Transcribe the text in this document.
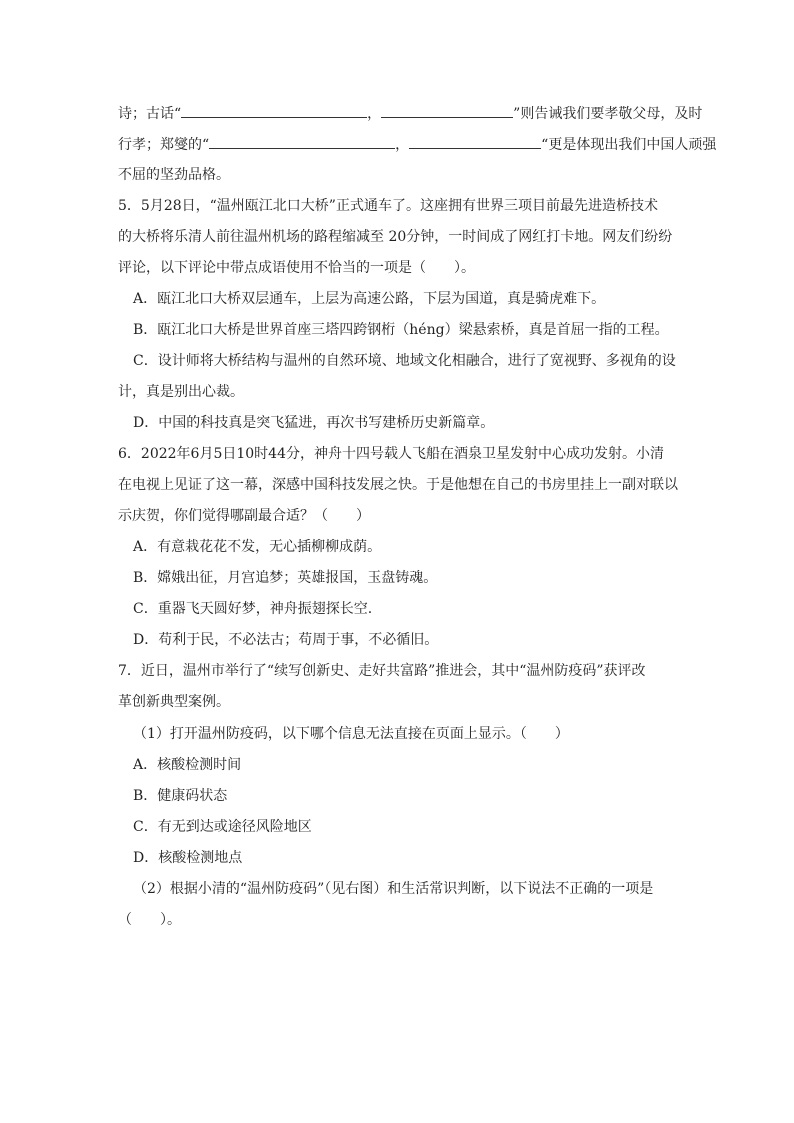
诗；古话“	，	”则告诫我们要孝敬父母，及时
行孝；郑燮的“	，	“更是体现出我们中国人顽强
不屈的坚劲品格。
5．5月28日，“温州瓯江北口大桥”正式通车了。这座拥有世界三项目前最先进造桥技术
的大桥将乐清人前往温州机场的路程缩减至 20分钟，一时间成了网红打卡地。网友们纷纷
评论，以下评论中带点成语使用不恰当的一项是（　　）。
A．瓯江北口大桥双层通车，上层为高速公路，下层为国道，真是骑虎难下。
B．瓯江北口大桥是世界首座三塔四跨钢桁（héng）梁悬索桥，真是首屈一指的工程。
C．设计师将大桥结构与温州的自然环境、地域文化相融合，进行了宽视野、多视角的设
计，真是别出心裁。
D．中国的科技真是突飞猛进，再次书写建桥历史新篇章。
6．2022年6月5日10时44分，神舟十四号载人飞船在酒泉卫星发射中心成功发射。小清
在电视上见证了这一幕，深感中国科技发展之快。于是他想在自己的书房里挂上一副对联以
示庆贺，你们觉得哪副最合适？（　　）
A．有意栽花花不发，无心插柳柳成荫。
B．嫦娥出征，月宫追梦；英雄报国，玉盘铸魂。
C．重器飞天圆好梦，神舟振翅探长空.
D．苟利于民，不必法古；苟周于事，不必循旧。
7．近日，温州市举行了“续写创新史、走好共富路”推进会，其中“温州防疫码”获评改
革创新典型案例。
（1）打开温州防疫码，以下哪个信息无法直接在页面上显示。（　　）
A．核酸检测时间
B．健康码状态
C．有无到达或途径风险地区
D．核酸检测地点
（2）根据小清的“温州防疫码”（见右图）和生活常识判断，以下说法不正确的一项是
（　　）。
